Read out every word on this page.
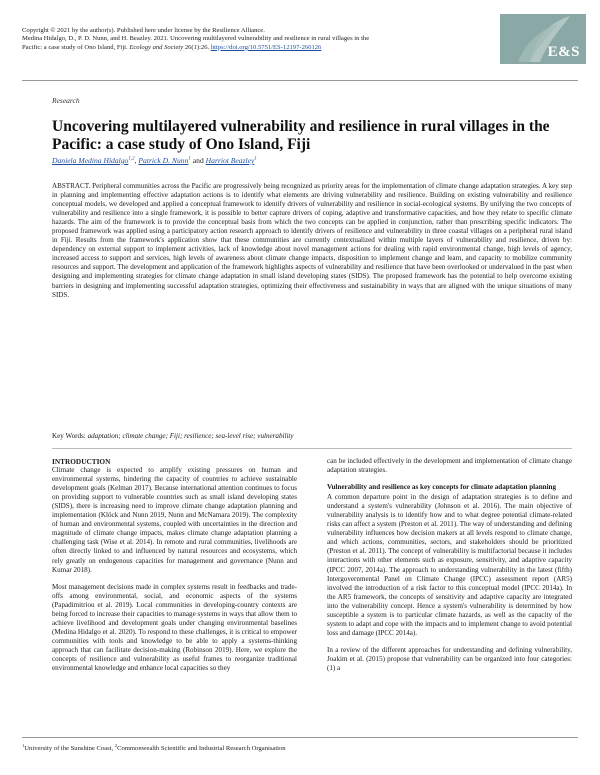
Copyright © 2021 by the author(s). Published here under license by the Resilience Alliance.
Medina Hidalgo, D., P. D. Nunn, and H. Beazley. 2021. Uncovering multilayered vulnerability and resilience in rural villages in the
Pacific: a case study of Ono Island, Fiji. Ecology and Society 26(1):26. https://doi.org/10.5751/ES-12197-260126	E&S
Research
Uncovering multilayered vulnerability and resilience in rural villages in the Pacific: a case study of Ono Island, Fiji
Daniela Medina Hidalgo$^{1,2}$, Patrick D. Nunn$^1$ and Harriot Beazley$^1$
ABSTRACT. Peripheral communities across the Pacific are progressively being recognized as priority areas for the implementation of climate change adaptation strategies. A key step in planning and implementing effective adaptation actions is to identify what elements are driving vulnerability and resilience. Building on existing vulnerability and resilience conceptual models, we developed and applied a conceptual framework to identify drivers of vulnerability and resilience in social-ecological systems. By unifying the two concepts of vulnerability and resilience into a single framework, it is possible to better capture drivers of coping, adaptive and transformative capacities, and how they relate to specific climate hazards. The aim of the framework is to provide the conceptual basis from which the two concepts can be applied in conjunction, rather than prescribing specific indicators. The proposed framework was applied using a participatory action research approach to identify drivers of resilience and vulnerability in three coastal villages on a peripheral rural island in Fiji. Results from the framework's application show that these communities are currently contextualized within multiple layers of vulnerability and resilience, driven by: dependency on external support to implement activities, lack of knowledge about novel management actions for dealing with rapid environmental change, high levels of agency, increased access to support and services, high levels of awareness about climate change impacts, disposition to implement change and learn, and capacity to mobilize community resources and support. The development and application of the framework highlights aspects of vulnerability and resilience that have been overlooked or undervalued in the past when designing and implementing strategies for climate change adaptation in small island developing states (SIDS). The proposed framework has the potential to help overcome existing barriers in designing and implementing successful adaptation strategies, optimizing their effectiveness and sustainability in ways that are aligned with the unique situations of many SIDS.
Key Words: adaptation; climate change; Fiji; resilience; sea-level rise; vulnerability
INTRODUCTION

Climate change is expected to amplify existing pressures on human and environmental systems, hindering the capacity of countries to achieve sustainable development goals (Kelman 2017). Because international attention continues to focus on providing support to vulnerable countries such as small island developing states (SIDS), there is increasing need to improve climate change adaptation planning and implementation (Klöck and Nunn 2019, Nunn and McNamara 2019). The complexity of human and environmental systems, coupled with uncertainties in the direction and magnitude of climate change impacts, makes climate change adaptation planning a challenging task (Wise et al. 2014). In remote and rural communities, livelihoods are often directly linked to and influenced by natural resources and ecosystems, which rely greatly on endogenous capacities for management and governance (Nunn and Kumar 2018).

Most management decisions made in complex systems result in feedbacks and trade-offs among environmental, social, and economic aspects of the systems (Papadimitriou et al. 2019). Local communities in developing-country contexts are being forced to increase their capacities to manage systems in ways that allow them to achieve livelihood and development goals under changing environmental baselines (Medina Hidalgo et al. 2020). To respond to these challenges, it is critical to empower communities with tools and knowledge to be able to apply a systems-thinking approach that can facilitate decision-making (Robinson 2019). Here, we explore the concepts of resilience and vulnerability as useful frames to reorganize traditional environmental knowledge and enhance local capacities so they

can be included effectively in the development and implementation of climate change adaptation strategies.

Vulnerability and resilience as key concepts for climate adaptation planning

A common departure point in the design of adaptation strategies is to define and understand a system's vulnerability (Johnson et al. 2016). The main objective of vulnerability analysis is to identify how and to what degree potential climate-related risks can affect a system (Preston et al. 2011). The way of understanding and defining vulnerability influences how decision makers at all levels respond to climate change, and which actions, communities, sectors, and stakeholders should be prioritized (Preston et al. 2011). The concept of vulnerability is multifactorial because it includes interactions with other elements such as exposure, sensitivity, and adaptive capacity (IPCC 2007, 2014a). The approach to understanding vulnerability in the latest (fifth) Intergovernmental Panel on Climate Change (IPCC) assessment report (AR5) involved the introduction of a risk factor to this conceptual model (IPCC 2014a). In the AR5 framework, the concepts of sensitivity and adaptive capacity are integrated into the vulnerability concept. Hence a system's vulnerability is determined by how susceptible a system is to particular climate hazards, as well as the capacity of the system to adapt and cope with the impacts and to implement change to avoid potential loss and damage (IPCC 2014a).

In a review of the different approaches for understanding and defining vulnerability, Joakim et al. (2015) propose that vulnerability can be organized into four categories: (1) a

$^1$University of the Sunshine Coast, $^2$Commonwealth Scientific and Industrial Research Organisation
